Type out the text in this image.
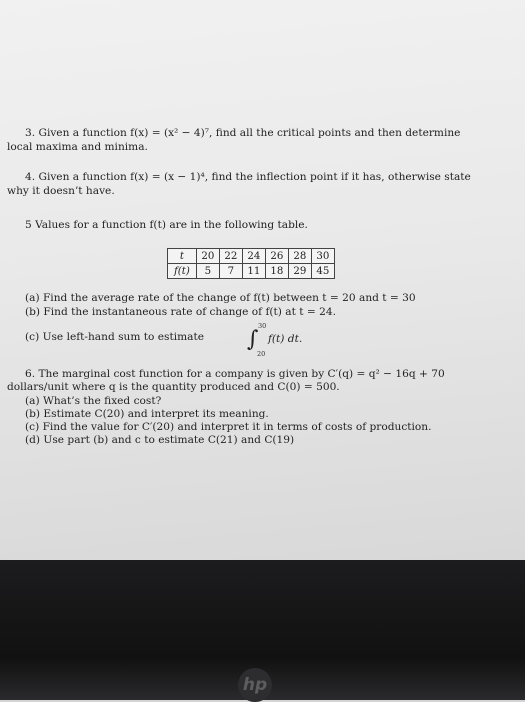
3. Given a function f(x) = (x² − 4)⁷, find all the critical points and then determine
local maxima and minima.
4. Given a function f(x) = (x − 1)⁴, find the inflection point if it has, otherwise state
why it doesn’t have.
5 Values for a function f(t) are in the following table.
t	20	22	24	26	28	30
f(t)	5	7	11	18	29	45
(a) Find the average rate of the change of f(t) between t = 20 and t = 30
(b) Find the instantaneous rate of change of f(t) at t = 24.
(c) Use left-hand sum to estimate ∫
30
20
f(t) dt.
6. The marginal cost function for a company is given by C′(q) = q² − 16q + 70
dollars/unit where q is the quantity produced and C(0) = 500.
(a) What’s the fixed cost?
(b) Estimate C(20) and interpret its meaning.
(c) Find the value for C′(20) and interpret it in terms of costs of production.
(d) Use part (b) and c to estimate C(21) and C(19)
hp
